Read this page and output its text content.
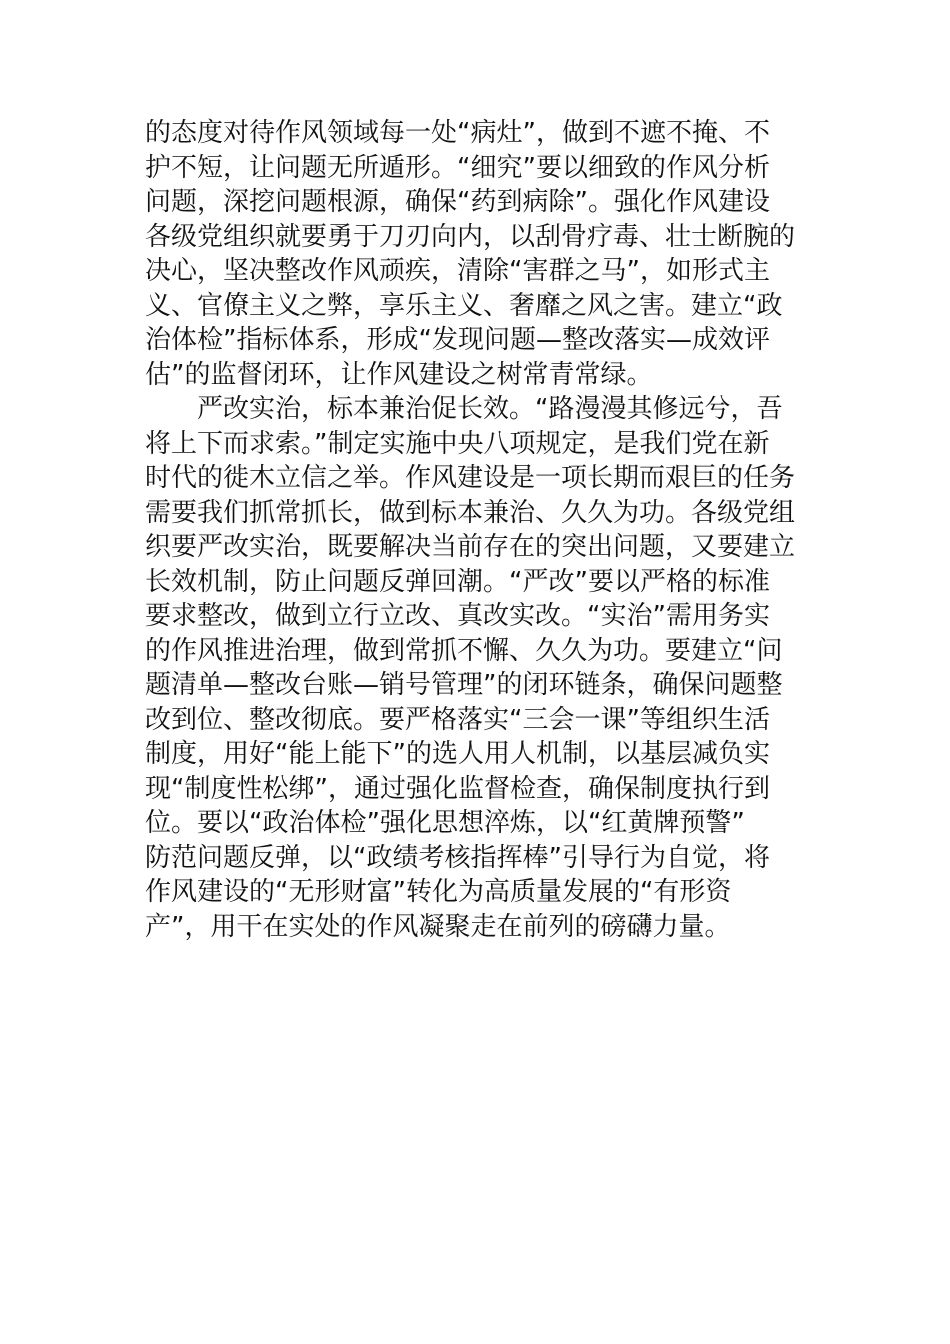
的态度对待作风领域每一处“病灶”，做到不遮不掩、不
护不短，让问题无所遁形。“细究”要以细致的作风分析
问题，深挖问题根源，确保“药到病除”。强化作风建设
各级党组织就要勇于刀刃向内，以刮骨疗毒、壮士断腕的
决心，坚决整改作风顽疾，清除“害群之马”，如形式主
义、官僚主义之弊，享乐主义、奢靡之风之害。建立“政
治体检”指标体系，形成“发现问题—整改落实—成效评
估”的监督闭环，让作风建设之树常青常绿。
严改实治，标本兼治促长效。“路漫漫其修远兮，吾
将上下而求索。”制定实施中央八项规定，是我们党在新
时代的徙木立信之举。作风建设是一项长期而艰巨的任务
需要我们抓常抓长，做到标本兼治、久久为功。各级党组
织要严改实治，既要解决当前存在的突出问题，又要建立
长效机制，防止问题反弹回潮。“严改”要以严格的标准
要求整改，做到立行立改、真改实改。“实治”需用务实
的作风推进治理，做到常抓不懈、久久为功。要建立“问
题清单—整改台账—销号管理”的闭环链条，确保问题整
改到位、整改彻底。要严格落实“三会一课”等组织生活
制度，用好“能上能下”的选人用人机制，以基层减负实
现“制度性松绑”，通过强化监督检查，确保制度执行到
位。要以“政治体检”强化思想淬炼，以“红黄牌预警”
防范问题反弹，以“政绩考核指挥棒”引导行为自觉，将
作风建设的“无形财富”转化为高质量发展的“有形资
产”，用干在实处的作风凝聚走在前列的磅礴力量。
